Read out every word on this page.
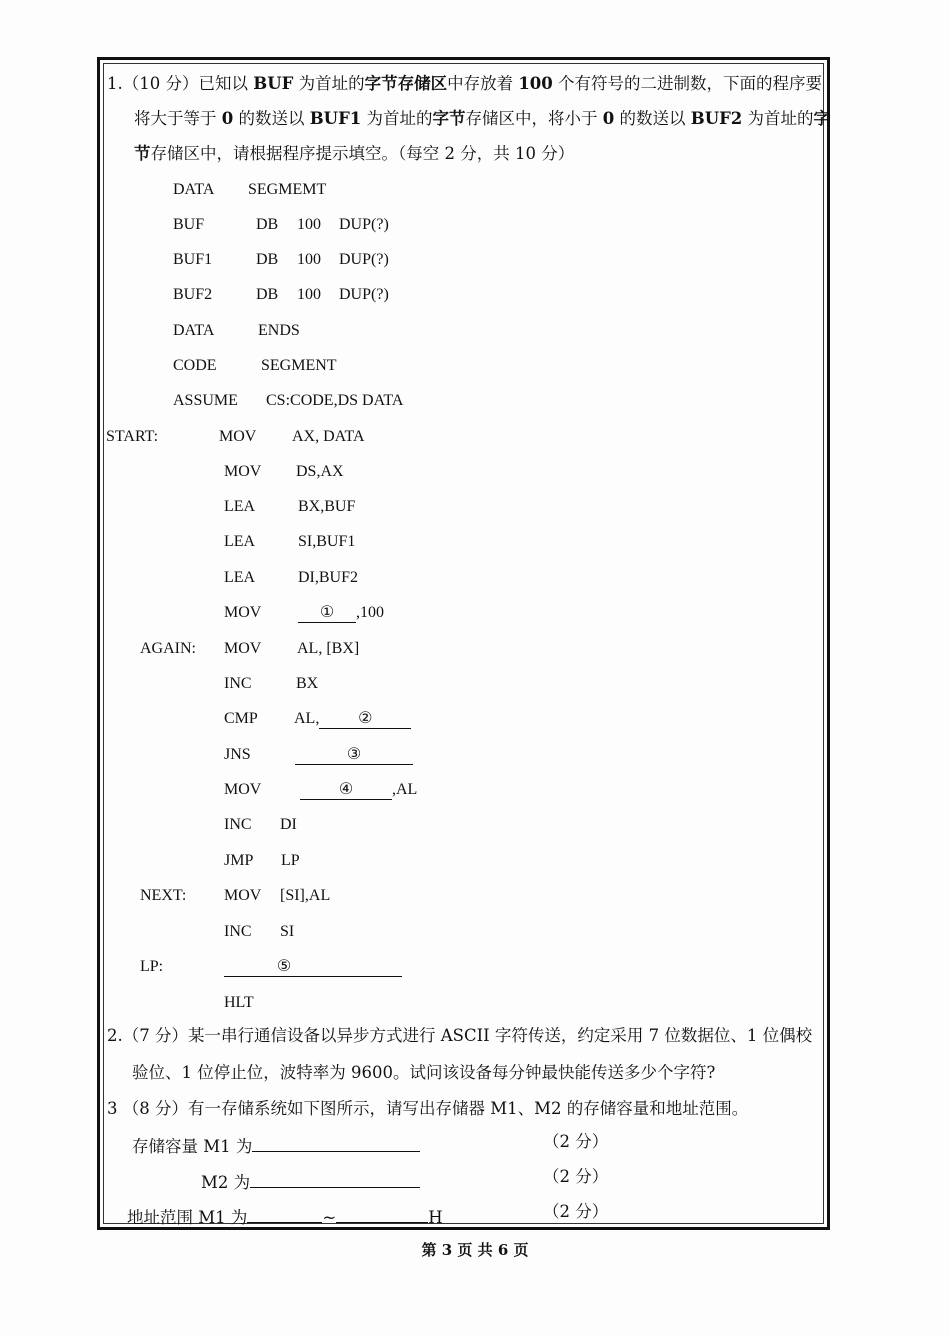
1.（10 分）已知以 BUF 为首址的字节存储区中存放着 100 个有符号的二进制数，下面的程序要
将大于等于 0 的数送以 BUF1 为首址的字节存储区中，将小于 0 的数送以 BUF2 为首址的字
节存储区中，请根据程序提示填空。（每空 2 分，共 10 分）
DATA SEGMEMT
BUF	DB 100 DUP(?)
BUF1	DB 100 DUP(?)
BUF2	DB 100 DUP(?)
DATA	ENDS
CODE	SEGMENT
ASSUME CS:CODE,DS DATA
START:	MOV AX, DATA
MOV DS,AX
LEA	BX,BUF
LEA	SI,BUF1
LEA	DI,BUF2
MOV	① ,100
AGAIN: MOV AL, [BX]
INC	BX
CMP AL, ②
JNS	③
MOV	④ ,AL
INC DI
JMP LP
NEXT: MOV [SI],AL
INC SI
LP:	⑤
HLT
2.（7 分）某一串行通信设备以异步方式进行 ASCII 字符传送，约定采用 7 位数据位、1 位偶校
验位、1 位停止位，波特率为 9600。试问该设备每分钟最快能传送多少个字符?
3 （8 分）有一存储系统如下图所示，请写出存储器 M1、M2 的存储容量和地址范围。
存储容量 M1 为	（2 分）
M2 为	（2 分）
地址范围 M1 为	~	H	（2 分）
第 3 页 共 6 页
